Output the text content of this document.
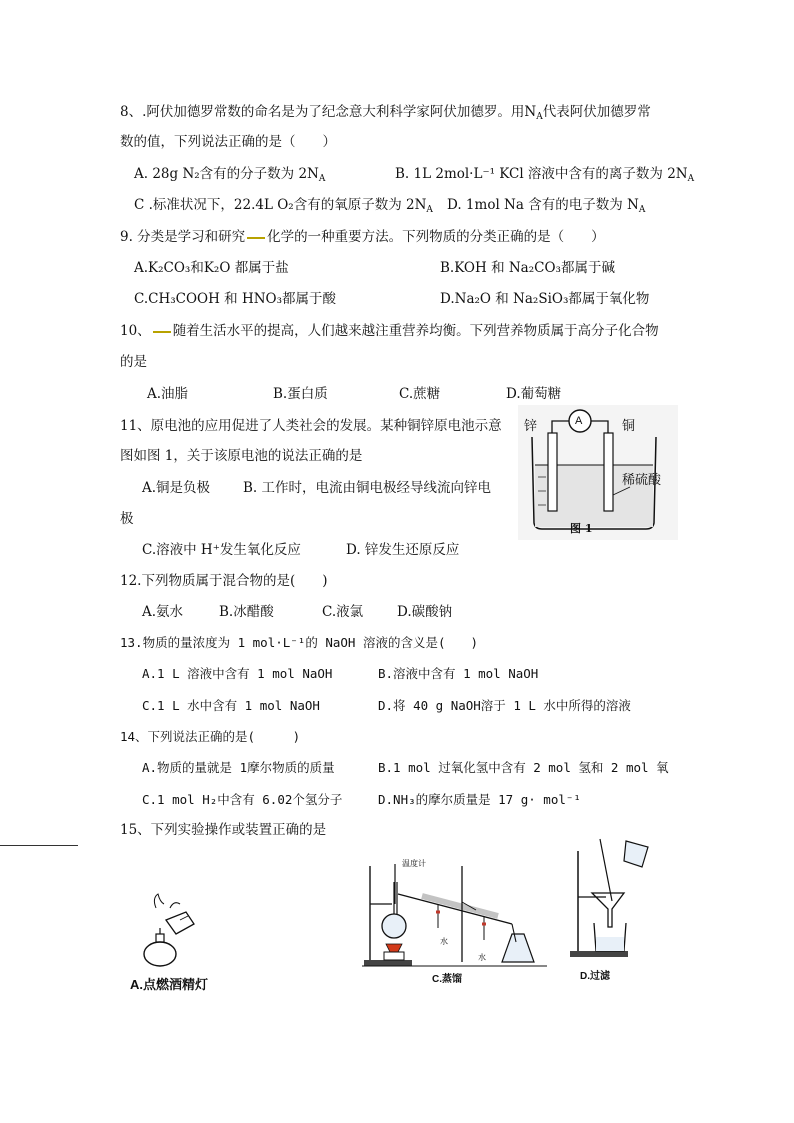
8、.阿伏加德罗常数的命名是为了纪念意大利科学家阿伏加德罗。用$N_A$代表阿伏加德罗常
数的值，下列说法正确的是（　　）
A. 28g N₂含有的分子数为 $2N_A$	B. 1L 2mol·L⁻¹ KCl 溶液中含有的离子数为 $2N_A$
C .标准状况下，22.4L O₂含有的氧原子数为 $2N_A$ D. 1mol Na 含有的电子数为 $N_A$
9. 分类是学习和研究 化学的一种重要方法。下列物质的分类正确的是（　　）
A.K₂CO₃和K₂O 都属于盐	B.KOH 和 Na₂CO₃都属于碱
C.CH₃COOH 和 HNO₃都属于酸	D.Na₂O 和 Na₂SiO₃都属于氧化物
10、 随着生活水平的提高，人们越来越注重营养均衡。下列营养物质属于高分子化合物
的是
A.油脂	B.蛋白质	C.蔗糖	D.葡萄糖
11、原电池的应用促进了人类社会的发展。某种铜锌原电池示意
图如图 1，关于该原电池的说法正确的是
A.铜是负极 B. 工作时，电流由铜电极经导线流向锌电
极
C.溶液中 H⁺发生氧化反应	D. 锌发生还原反应
锌	铜
A
稀硫酸
图 1
12.下列物质属于混合物的是(　　)
A.氨水	B.冰醋酸	C.液氯	D.碳酸钠
13.物质的量浓度为 1 mol·L⁻¹的 NaOH 溶液的含义是(　　)
A.1 L 溶液中含有 1 mol NaOH	B.溶液中含有 1 mol NaOH
C.1 L 水中含有 1 mol NaOH	D.将 40 g NaOH溶于 1 L 水中所得的溶液
14、下列说法正确的是(　　　)
A.物质的量就是 1摩尔物质的质量	B.1 mol 过氧化氢中含有 2 mol 氢和 2 mol 氧
C.1 mol H₂中含有 6.02个氢分子	D.NH₃的摩尔质量是 17 g· mol⁻¹
15、下列实验操作或装置正确的是
A.点燃酒精灯
温度计
水
水
C.蒸馏	D.过滤
